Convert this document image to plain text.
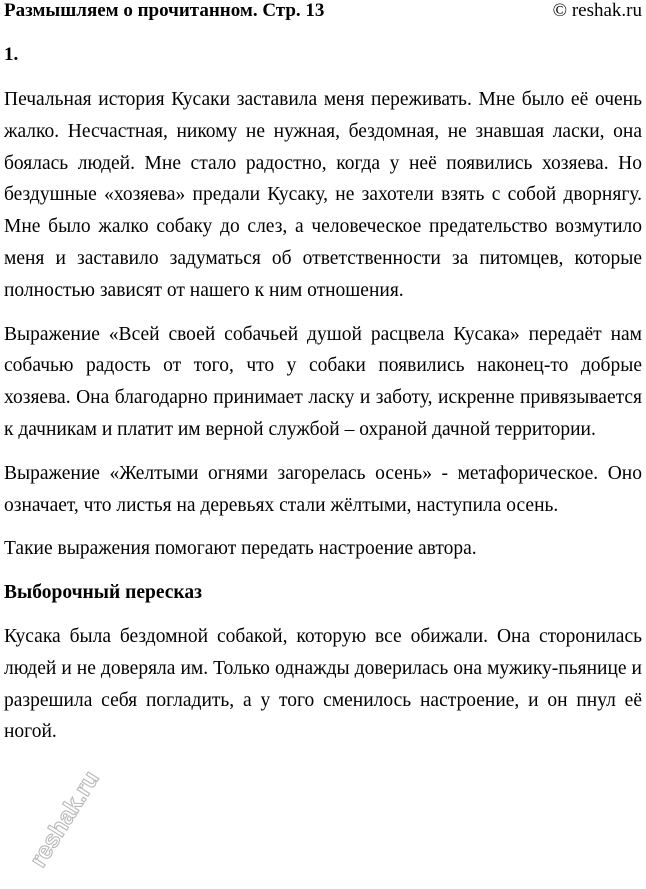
Размышляем о прочитанном. Стр. 13	© reshak.ru
1.

Печальная история Кусаки заставила меня переживать. Мне было её очень жалко. Несчастная, никому не нужная, бездомная, не знавшая ласки, она боялась людей. Мне стало радостно, когда у неё появились хозяева. Но бездушные «хозяева» предали Кусаку, не захотели взять с собой дворнягу. Мне было жалко собаку до слез, а человеческое предательство возмутило меня и заставило задуматься об ответственности за питомцев, которые полностью зависят от нашего к ним отношения.

Выражение «Всей своей собачьей душой расцвела Кусака» передаёт нам собачью радость от того, что у собаки появились наконец-то добрые хозяева. Она благодарно принимает ласку и заботу, искренне привязывается к дачникам и платит им верной службой – охраной дачной территории.

Выражение «Желтыми огнями загорелась осень» - метафорическое. Оно означает, что листья на деревьях стали жёлтыми, наступила осень.

Такие выражения помогают передать настроение автора.

Выборочный пересказ

Кусака была бездомной собакой, которую все обижали. Она сторонилась людей и не доверяла им. Только однажды доверилась она мужику-пьянице и разрешила себя погладить, а у того сменилось настроение, и он пнул её ногой.

reshak.ru
